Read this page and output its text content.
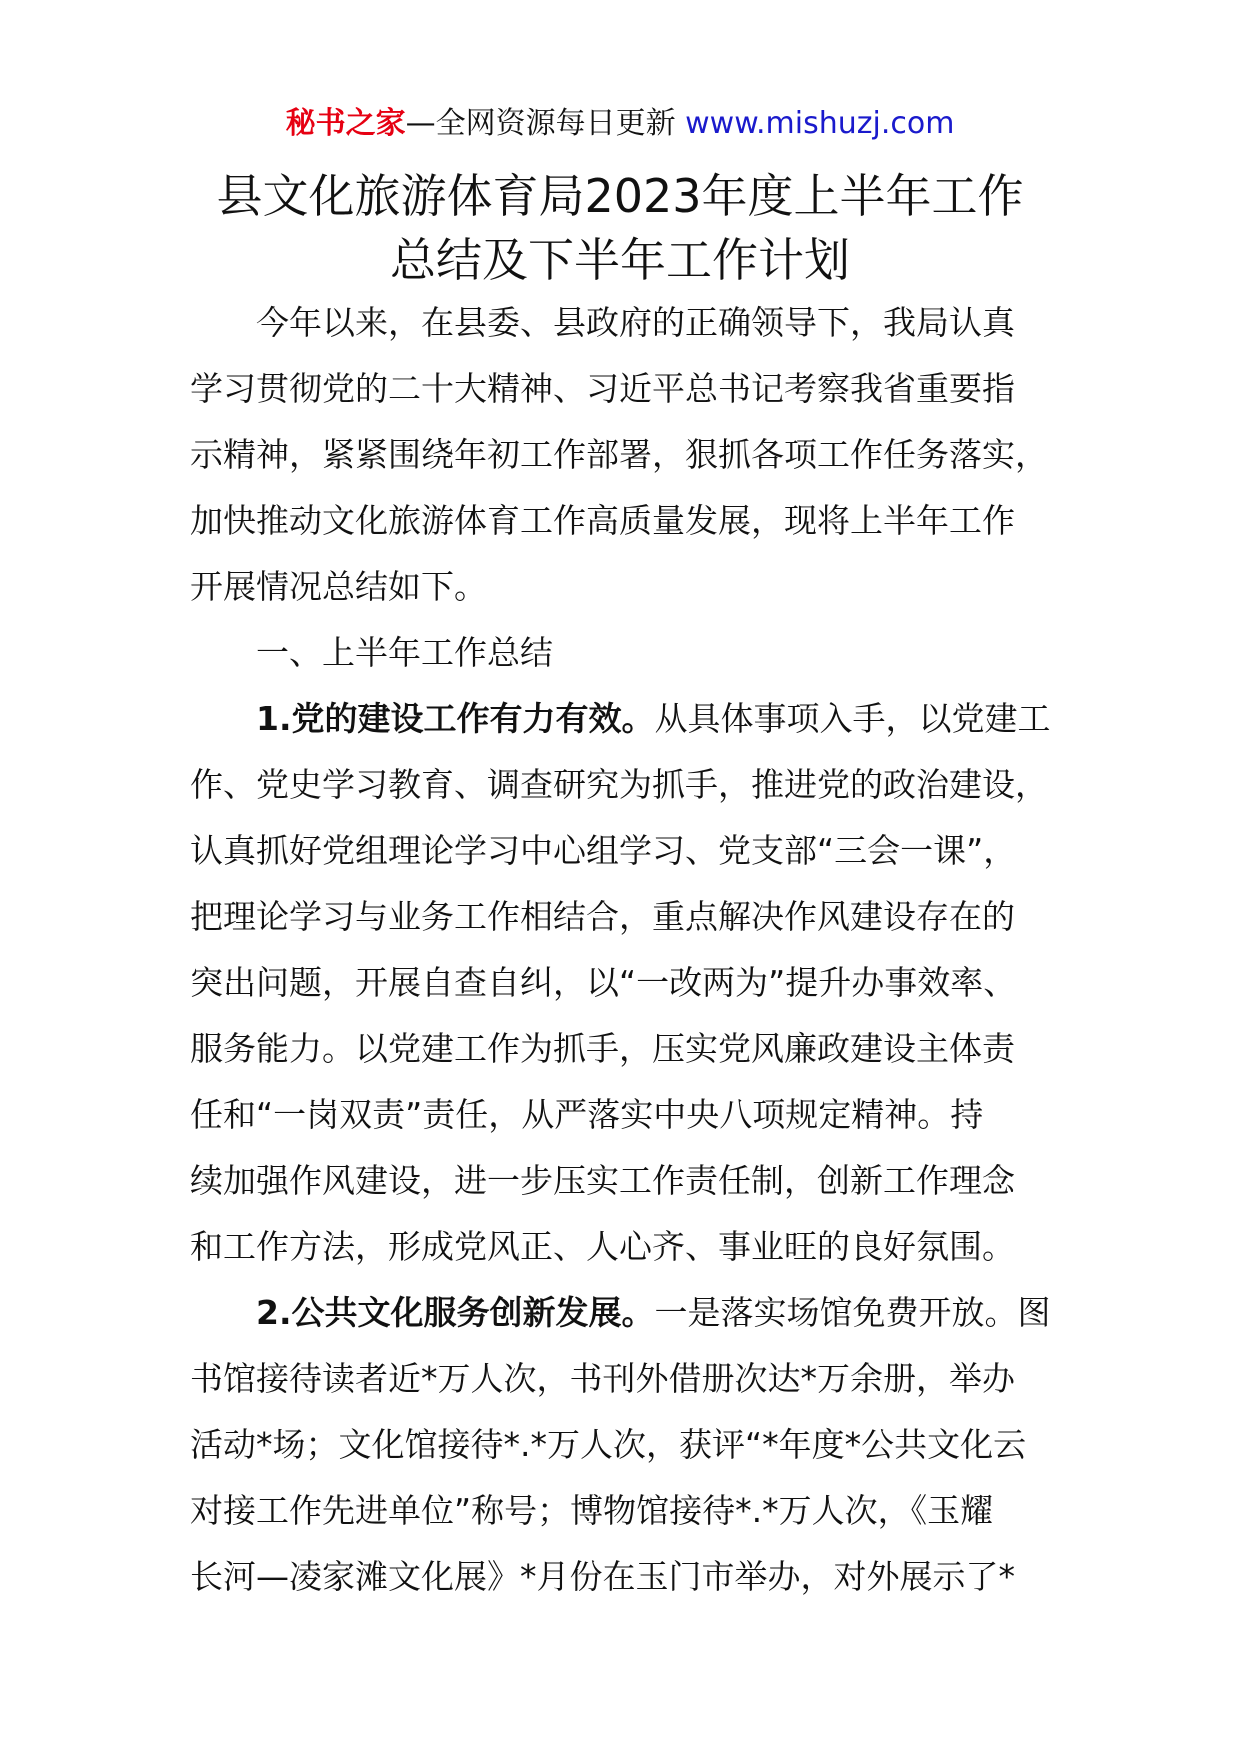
秘书之家—全网资源每日更新 www.mishuzj.com
县文化旅游体育局2023年度上半年工作
总结及下半年工作计划
今年以来，在县委、县政府的正确领导下，我局认真
学习贯彻党的二十大精神、习近平总书记考察我省重要指
示精神，紧紧围绕年初工作部署，狠抓各项工作任务落实，
加快推动文化旅游体育工作高质量发展，现将上半年工作
开展情况总结如下。
一、上半年工作总结
1.党的建设工作有力有效。从具体事项入手，以党建工
作、党史学习教育、调查研究为抓手，推进党的政治建设，
认真抓好党组理论学习中心组学习、党支部“三会一课”，
把理论学习与业务工作相结合，重点解决作风建设存在的
突出问题，开展自查自纠，以“一改两为”提升办事效率、
服务能力。以党建工作为抓手，压实党风廉政建设主体责
任和“一岗双责”责任，从严落实中央八项规定精神。持
续加强作风建设，进一步压实工作责任制，创新工作理念
和工作方法，形成党风正、人心齐、事业旺的良好氛围。
2.公共文化服务创新发展。一是落实场馆免费开放。图
书馆接待读者近*万人次，书刊外借册次达*万余册，举办
活动*场；文化馆接待*.*万人次，获评“*年度*公共文化云
对接工作先进单位”称号；博物馆接待*.*万人次，《玉耀
长河—凌家滩文化展》*月份在玉门市举办，对外展示了*
